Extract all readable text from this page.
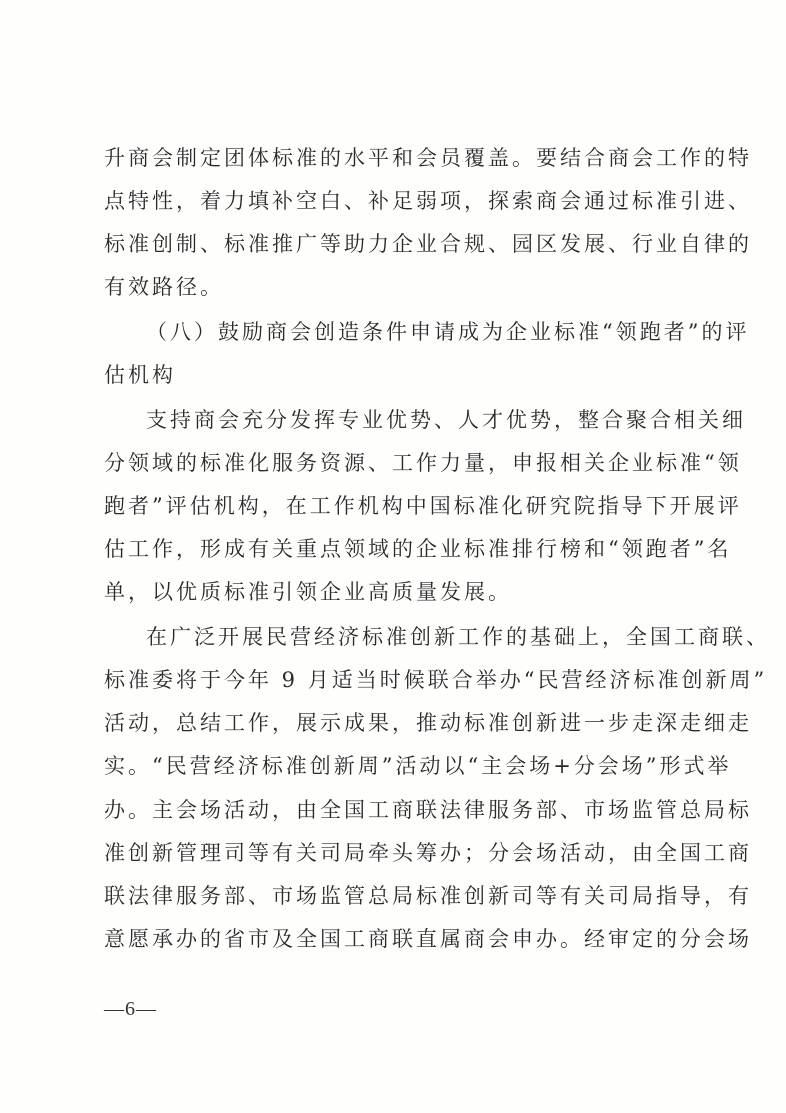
升商会制定团体标准的水平和会员覆盖。要结合商会工作的特
点特性，着力填补空白、补足弱项，探索商会通过标准引进、
标准创制、标准推广等助力企业合规、园区发展、行业自律的
有效路径。
（八）鼓励商会创造条件申请成为企业标准“领跑者”的评
估机构
支持商会充分发挥专业优势、人才优势，整合聚合相关细
分领域的标准化服务资源、工作力量，申报相关企业标准“领
跑者”评估机构，在工作机构中国标准化研究院指导下开展评
估工作，形成有关重点领域的企业标准排行榜和“领跑者”名
单，以优质标准引领企业高质量发展。
在广泛开展民营经济标准创新工作的基础上，全国工商联、
标准委将于今年 9 月适当时候联合举办“民营经济标准创新周”
活动，总结工作，展示成果，推动标准创新进一步走深走细走
实。“民营经济标准创新周”活动以“主会场+分会场”形式举
办。主会场活动，由全国工商联法律服务部、市场监管总局标
准创新管理司等有关司局牵头筹办；分会场活动，由全国工商
联法律服务部、市场监管总局标准创新司等有关司局指导，有
意愿承办的省市及全国工商联直属商会申办。经审定的分会场
—6—
